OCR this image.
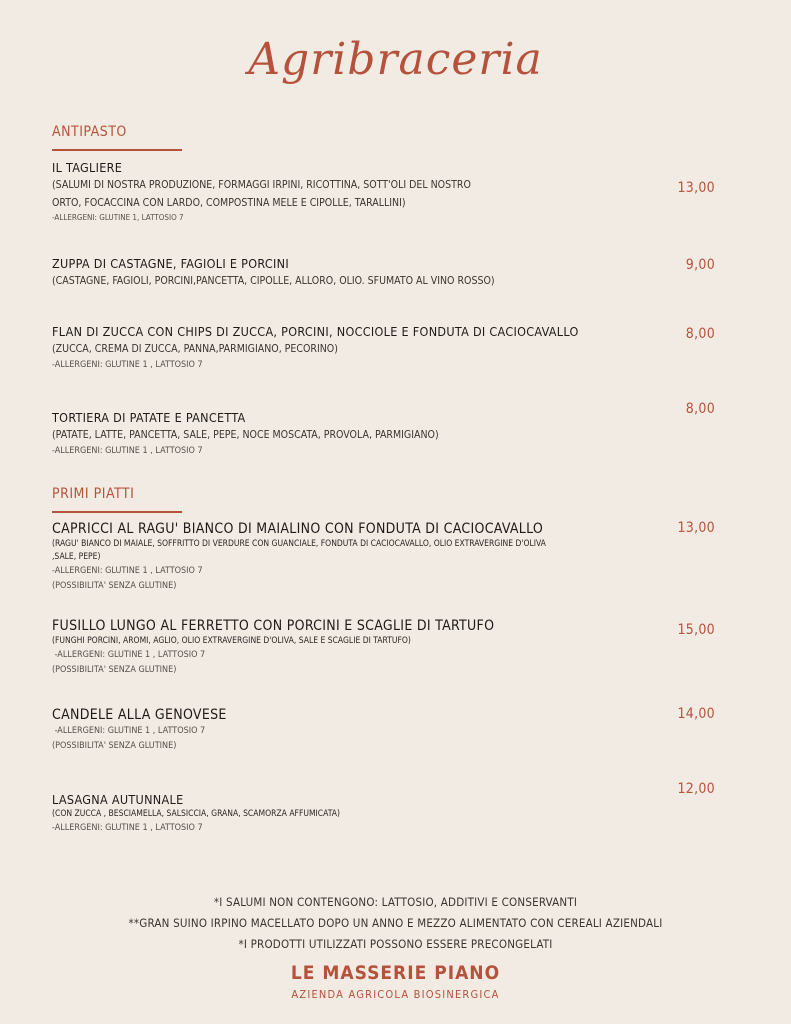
Agribraceria
ANTIPASTO
IL TAGLIERE
(SALUMI DI NOSTRA PRODUZIONE, FORMAGGI IRPINI, RICOTTINA, SOTT'OLI DEL NOSTRO
ORTO, FOCACCINA CON LARDO, COMPOSTINA MELE E CIPOLLE, TARALLINI)
-ALLERGENI: GLUTINE 1, LATTOSIO 7
13,00
ZUPPA DI CASTAGNE, FAGIOLI E PORCINI
(CASTAGNE, FAGIOLI, PORCINI,PANCETTA, CIPOLLE, ALLORO, OLIO. SFUMATO AL VINO ROSSO)
9,00
FLAN DI ZUCCA CON CHIPS DI ZUCCA, PORCINI, NOCCIOLE E FONDUTA DI CACIOCAVALLO
(ZUCCA, CREMA DI ZUCCA, PANNA,PARMIGIANO, PECORINO)
-ALLERGENI: GLUTINE 1 , LATTOSIO 7
8,00
TORTIERA DI PATATE E PANCETTA
(PATATE, LATTE, PANCETTA, SALE, PEPE, NOCE MOSCATA, PROVOLA, PARMIGIANO)
-ALLERGENI: GLUTINE 1 , LATTOSIO 7
8,00
PRIMI PIATTI
CAPRICCI AL RAGU' BIANCO DI MAIALINO CON FONDUTA DI CACIOCAVALLO
(RAGU' BIANCO DI MAIALE, SOFFRITTO DI VERDURE CON GUANCIALE, FONDUTA DI CACIOCAVALLO, OLIO EXTRAVERGINE D'OLIVA
,SALE, PEPE)
-ALLERGENI: GLUTINE 1 , LATTOSIO 7
(POSSIBILITA' SENZA GLUTINE)
13,00
FUSILLO LUNGO AL FERRETTO CON PORCINI E SCAGLIE DI TARTUFO
(FUNGHI PORCINI, AROMI, AGLIO, OLIO EXTRAVERGINE D'OLIVA, SALE E SCAGLIE DI TARTUFO)
-ALLERGENI: GLUTINE 1 , LATTOSIO 7
(POSSIBILITA' SENZA GLUTINE)
15,00
CANDELE ALLA GENOVESE
-ALLERGENI: GLUTINE 1 , LATTOSIO 7
(POSSIBILITA' SENZA GLUTINE)
14,00
LASAGNA AUTUNNALE
(CON ZUCCA , BESCIAMELLA, SALSICCIA, GRANA, SCAMORZA AFFUMICATA)
-ALLERGENI: GLUTINE 1 , LATTOSIO 7
12,00
*I SALUMI NON CONTENGONO: LATTOSIO, ADDITIVI E CONSERVANTI
**GRAN SUINO IRPINO MACELLATO DOPO UN ANNO E MEZZO ALIMENTATO CON CEREALI AZIENDALI
*I PRODOTTI UTILIZZATI POSSONO ESSERE PRECONGELATI
LE MASSERIE PIANO
AZIENDA AGRICOLA BIOSINERGICA
